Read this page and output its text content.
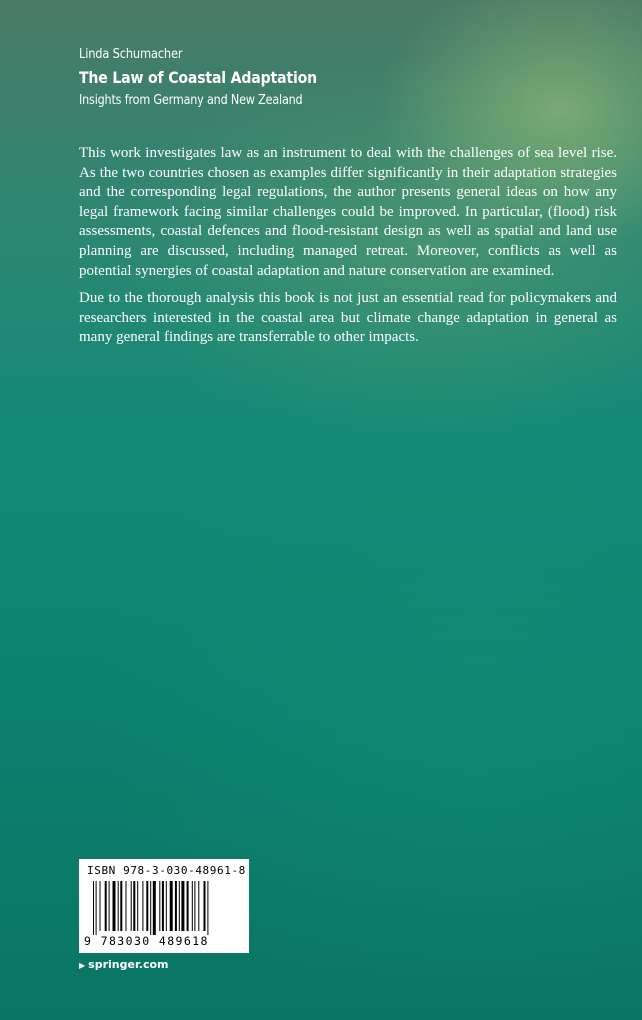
Linda Schumacher
The Law of Coastal Adaptation
Insights from Germany and New Zealand

This work investigates law as an instrument to deal with the challenges of sea level rise. As the two countries chosen as examples differ significantly in their adaptation strategies and the corresponding legal regulations, the author presents general ideas on how any legal framework facing similar challenges could be improved. In particular, (flood) risk assessments, coastal defences and flood-resistant design as well as spatial and land use planning are discussed, including managed retreat. Moreover, conflicts as well as potential synergies of coastal adaptation and nature conservation are examined.

Due to the thorough analysis this book is not just an essential read for policymakers and researchers interested in the coastal area but climate change adaptation in general as many general findings are transferrable to other impacts.

ISBN 978-3-030-48961-8
9 783030 489618
▶ springer.com
